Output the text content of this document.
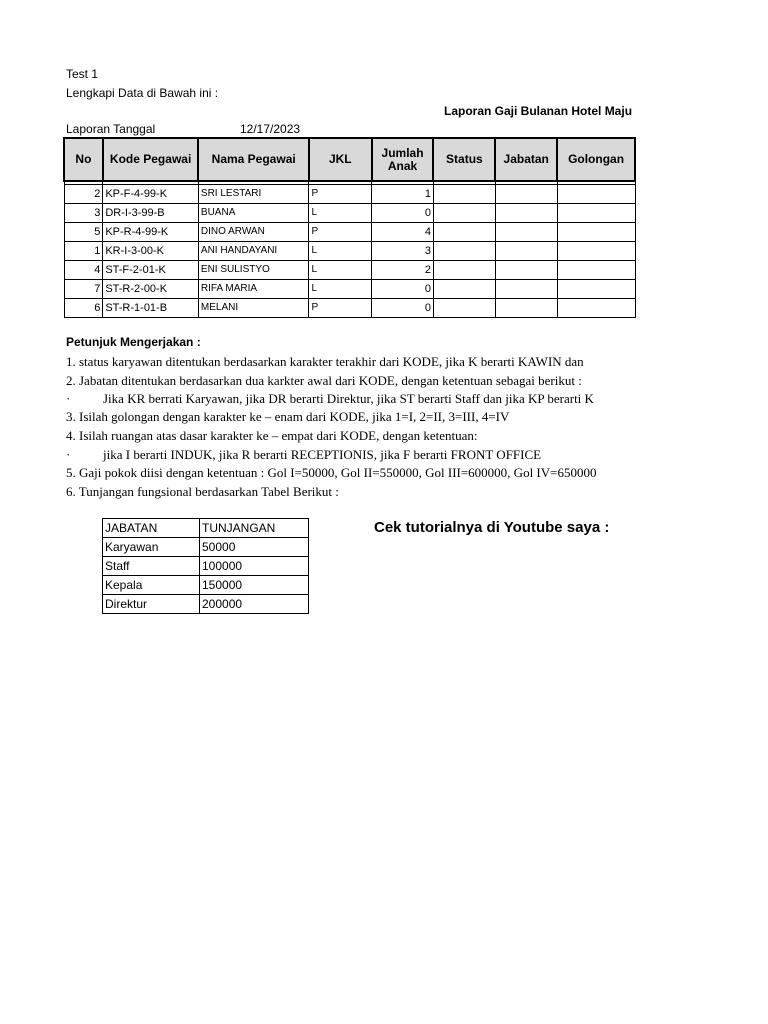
Test 1
Lengkapi Data di Bawah ini :
Laporan Gaji Bulanan Hotel Maju
Laporan Tanggal	12/17/2023
No	Kode Pegawai	Nama Pegawai	JKL	Jumlah Anak	Status	Jabatan	Golongan

2	KP-F-4-99-K	SRI LESTARI	P	1			
3	DR-I-3-99-B	BUANA	L	0			
5	KP-R-4-99-K	DINO ARWAN	P	4			
1	KR-I-3-00-K	ANI HANDAYANI	L	3			
4	ST-F-2-01-K	ENI SULISTYO	L	2			
7	ST-R-2-00-K	RIFA MARIA	L	0			
6	ST-R-1-01-B	MELANI	P	0			
Petunjuk Mengerjakan :
1. status karyawan ditentukan berdasarkan karakter terakhir dari KODE, jika K berarti KAWIN dan
2. Jabatan ditentukan berdasarkan dua karkter awal dari KODE, dengan ketentuan sebagai berikut :
·	Jika KR berrati Karyawan, jika DR berarti Direktur, jika ST berarti Staff dan jika KP berarti K
3. Isilah golongan dengan karakter ke – enam dari KODE, jika 1=I, 2=II, 3=III, 4=IV
4. Isilah ruangan atas dasar karakter ke – empat dari KODE, dengan ketentuan:
·	jika I berarti INDUK, jika R berarti RECEPTIONIS, jika F berarti FRONT OFFICE
5. Gaji pokok diisi dengan ketentuan : Gol I=50000, Gol II=550000, Gol III=600000, Gol IV=650000
6. Tunjangan fungsional berdasarkan Tabel Berikut :
JABATAN	TUNJANGAN
Karyawan	50000
Staff	100000
Kepala	150000
Direktur	200000
Cek tutorialnya di Youtube saya :
